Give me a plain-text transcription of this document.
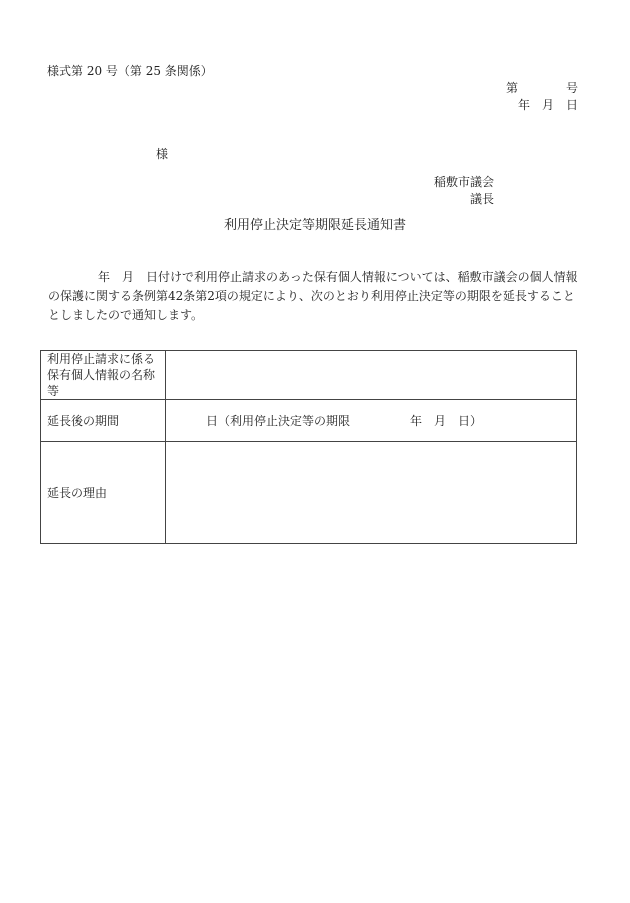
様式第 20 号（第 25 条関係）
第　　　　号
年　月　日
様
稲敷市議会
議長
利用停止決定等期限延長通知書
年　月　日付けで利用停止請求のあった保有個人情報については、稲敷市議会の個人情報の保護に関する条例第42条第2項の規定により、次のとおり利用停止決定等の期限を延長することとしましたので通知します。
利用停止請求に係る保有個人情報の名称等	
延長後の期間	日（利用停止決定等の期限　　　　　年　月　日）
延長の理由	
